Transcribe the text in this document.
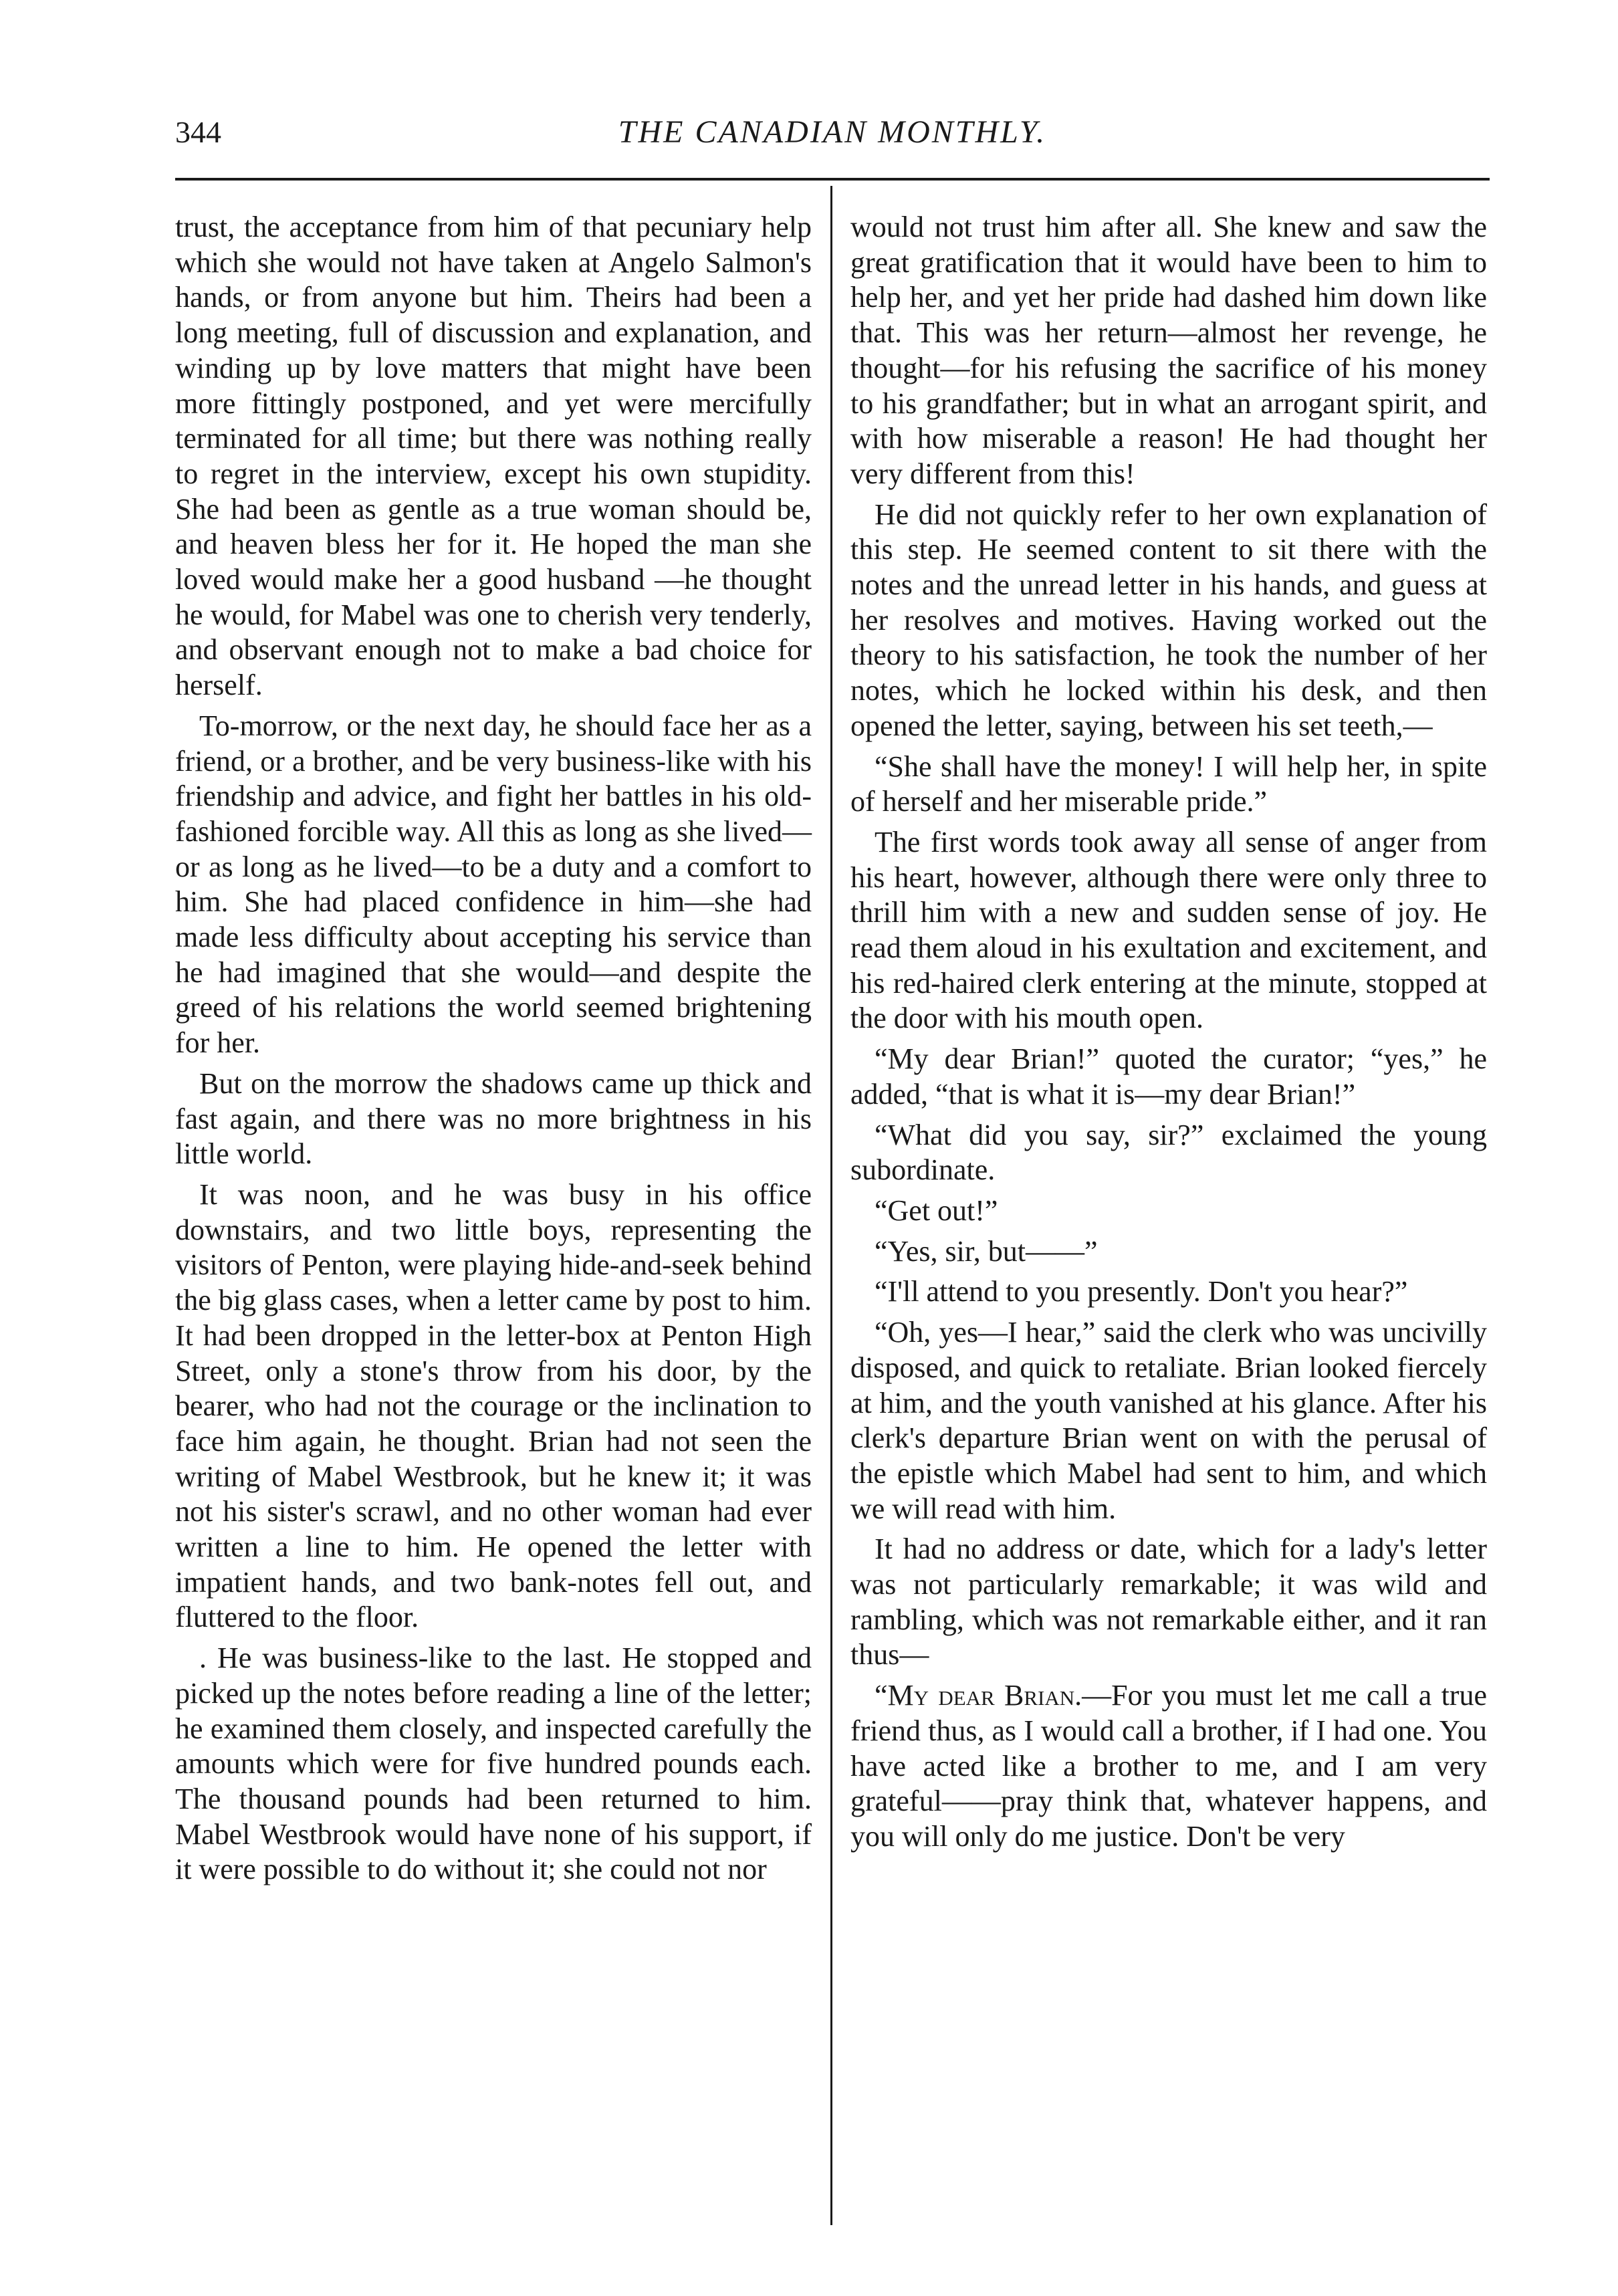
344	THE CANADIAN MONTHLY.

trust, the acceptance from him of that pecuniary help which she would not have taken at Angelo Salmon's hands, or from anyone but him. Theirs had been a long meeting, full of discussion and explanation, and winding up by love matters that might have been more fittingly postponed, and yet were mercifully terminated for all time; but there was nothing really to regret in the interview, except his own stupidity. She had been as gentle as a true woman should be, and heaven bless her for it. He hoped the man she loved would make her a good husband —he thought he would, for Mabel was one to cherish very tenderly, and observant enough not to make a bad choice for herself.

To-morrow, or the next day, he should face her as a friend, or a brother, and be very business-like with his friendship and advice, and fight her battles in his old-fashioned forcible way. All this as long as she lived—or as long as he lived—to be a duty and a comfort to him. She had placed confidence in him—she had made less difficulty about accepting his service than he had imagined that she would—and despite the greed of his relations the world seemed brightening for her.

But on the morrow the shadows came up thick and fast again, and there was no more brightness in his little world.

It was noon, and he was busy in his office downstairs, and two little boys, representing the visitors of Penton, were playing hide-and-seek behind the big glass cases, when a letter came by post to him. It had been dropped in the letter-box at Penton High Street, only a stone's throw from his door, by the bearer, who had not the courage or the inclination to face him again, he thought. Brian had not seen the writing of Mabel Westbrook, but he knew it; it was not his sister's scrawl, and no other woman had ever written a line to him. He opened the letter with impatient hands, and two bank-notes fell out, and fluttered to the floor.

. He was business-like to the last. He stopped and picked up the notes before reading a line of the letter; he examined them closely, and inspected carefully the amounts which were for five hundred pounds each. The thousand pounds had been returned to him. Mabel Westbrook would have none of his support, if it were possible to do without it; she could not nor

would not trust him after all. She knew and saw the great gratification that it would have been to him to help her, and yet her pride had dashed him down like that. This was her return—almost her revenge, he thought—for his refusing the sacrifice of his money to his grandfather; but in what an arrogant spirit, and with how miserable a reason! He had thought her very different from this!

He did not quickly refer to her own explanation of this step. He seemed content to sit there with the notes and the unread letter in his hands, and guess at her resolves and motives. Having worked out the theory to his satisfaction, he took the number of her notes, which he locked within his desk, and then opened the letter, saying, between his set teeth,—

“She shall have the money! I will help her, in spite of herself and her miserable pride.”

The first words took away all sense of anger from his heart, however, although there were only three to thrill him with a new and sudden sense of joy. He read them aloud in his exultation and excitement, and his red-haired clerk entering at the minute, stopped at the door with his mouth open.

“My dear Brian!” quoted the curator; “yes,” he added, “that is what it is—my dear Brian!”

“What did you say, sir?” exclaimed the young subordinate.

“Get out!”

“Yes, sir, but——”

“I'll attend to you presently. Don't you hear?”

“Oh, yes—I hear,” said the clerk who was uncivilly disposed, and quick to retaliate. Brian looked fiercely at him, and the youth vanished at his glance. After his clerk's departure Brian went on with the perusal of the epistle which Mabel had sent to him, and which we will read with him.

It had no address or date, which for a lady's letter was not particularly remarkable; it was wild and rambling, which was not remarkable either, and it ran thus—

“My dear Brian.—For you must let me call a true friend thus, as I would call a brother, if I had one. You have acted like a brother to me, and I am very grateful——pray think that, whatever happens, and you will only do me justice. Don't be very
